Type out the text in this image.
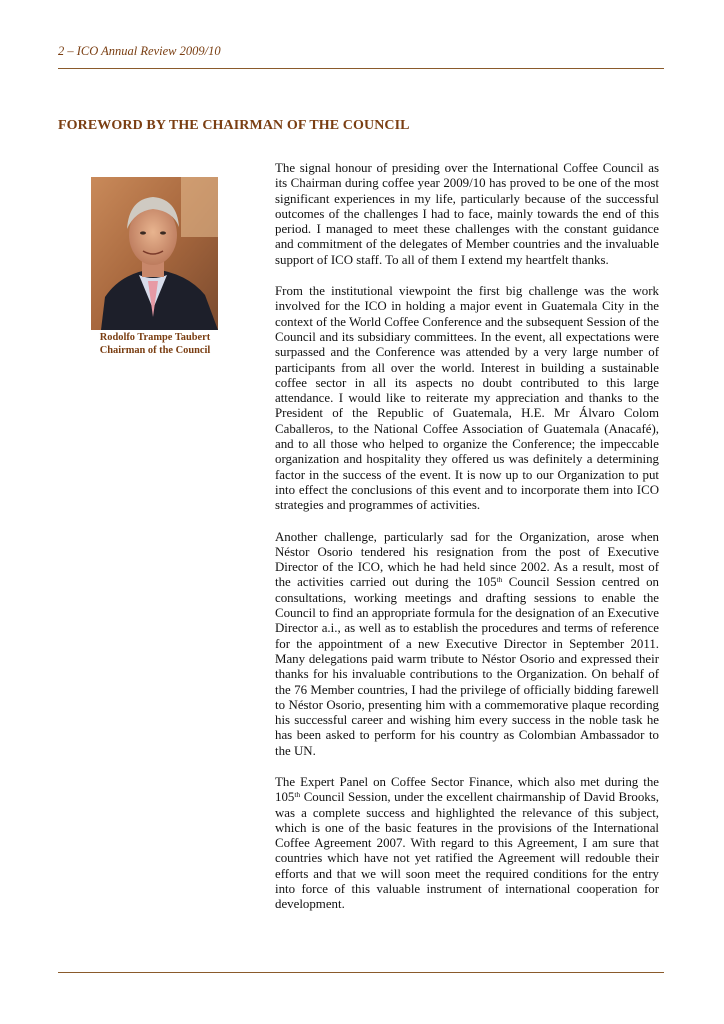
2 – ICO Annual Review 2009/10
FOREWORD BY THE CHAIRMAN OF THE COUNCIL
Rodolfo Trampe Taubert
Chairman of the Council

The signal honour of presiding over the International Coffee Council as its Chairman during coffee year 2009/10 has proved to be one of the most significant experiences in my life, particularly because of the successful outcomes of the challenges I had to face, mainly towards the end of this period. I managed to meet these challenges with the constant guidance and commitment of the delegates of Member countries and the invaluable support of ICO staff. To all of them I extend my heartfelt thanks.

From the institutional viewpoint the first big challenge was the work involved for the ICO in holding a major event in Guatemala City in the context of the World Coffee Conference and the subsequent Session of the Council and its subsidiary committees. In the event, all expectations were surpassed and the Conference was attended by a very large number of participants from all over the world. Interest in building a sustainable coffee sector in all its aspects no doubt contributed to this large attendance. I would like to reiterate my appreciation and thanks to the President of the Republic of Guatemala, H.E. Mr Álvaro Colom Caballeros, to the National Coffee Association of Guatemala (Anacafé), and to all those who helped to organize the Conference; the impeccable organization and hospitality they offered us was definitely a determining factor in the success of the event. It is now up to our Organization to put into effect the conclusions of this event and to incorporate them into ICO strategies and programmes of activities.

Another challenge, particularly sad for the Organization, arose when Néstor Osorio tendered his resignation from the post of Executive Director of the ICO, which he had held since 2002. As a result, most of the activities carried out during the 105th Council Session centred on consultations, working meetings and drafting sessions to enable the Council to find an appropriate formula for the designation of an Executive Director a.i., as well as to establish the procedures and terms of reference for the appointment of a new Executive Director in September 2011. Many delegations paid warm tribute to Néstor Osorio and expressed their thanks for his invaluable contributions to the Organization. On behalf of the 76 Member countries, I had the privilege of officially bidding farewell to Néstor Osorio, presenting him with a commemorative plaque recording his successful career and wishing him every success in the noble task he has been asked to perform for his country as Colombian Ambassador to the UN.

The Expert Panel on Coffee Sector Finance, which also met during the 105th Council Session, under the excellent chairmanship of David Brooks, was a complete success and highlighted the relevance of this subject, which is one of the basic features in the provisions of the International Coffee Agreement 2007. With regard to this Agreement, I am sure that countries which have not yet ratified the Agreement will redouble their efforts and that we will soon meet the required conditions for the entry into force of this valuable instrument of international cooperation for development.
